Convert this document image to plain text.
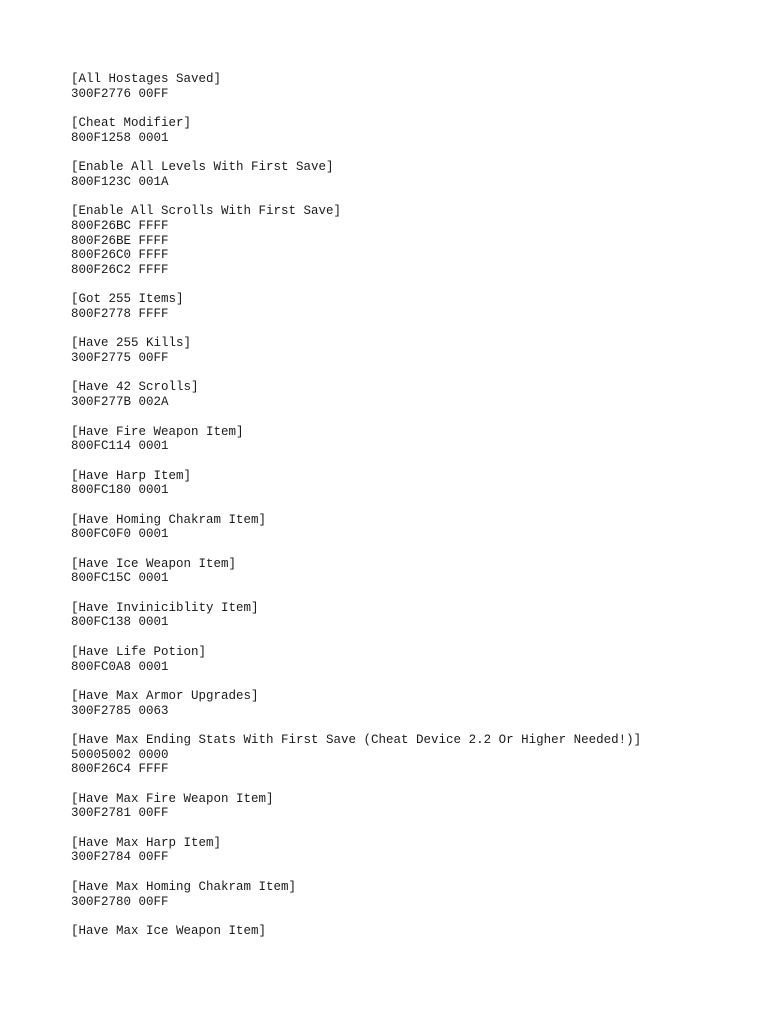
[All Hostages Saved]
300F2776 00FF
[Cheat Modifier]
800F1258 0001
[Enable All Levels With First Save]
800F123C 001A
[Enable All Scrolls With First Save]
800F26BC FFFF
800F26BE FFFF
800F26C0 FFFF
800F26C2 FFFF
[Got 255 Items]
800F2778 FFFF
[Have 255 Kills]
300F2775 00FF
[Have 42 Scrolls]
300F277B 002A
[Have Fire Weapon Item]
800FC114 0001
[Have Harp Item]
800FC180 0001
[Have Homing Chakram Item]
800FC0F0 0001
[Have Ice Weapon Item]
800FC15C 0001
[Have Inviniciblity Item]
800FC138 0001
[Have Life Potion]
800FC0A8 0001
[Have Max Armor Upgrades]
300F2785 0063
[Have Max Ending Stats With First Save (Cheat Device 2.2 Or Higher Needed!)]
50005002 0000
800F26C4 FFFF
[Have Max Fire Weapon Item]
300F2781 00FF
[Have Max Harp Item]
300F2784 00FF
[Have Max Homing Chakram Item]
300F2780 00FF
[Have Max Ice Weapon Item]
